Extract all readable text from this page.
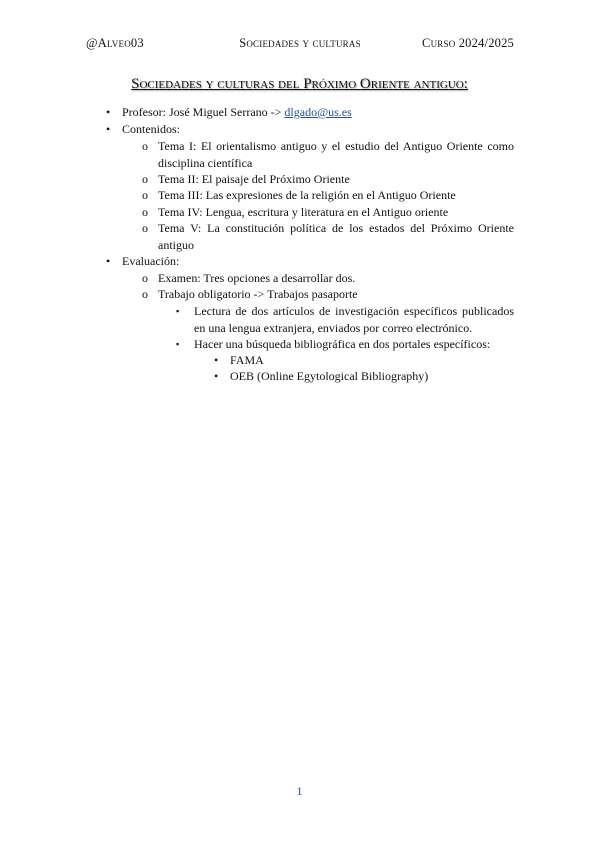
@Alveo03	Sociedades y culturas	Curso 2024/2025
Sociedades y culturas del Próximo Oriente antiguo:
• Profesor: José Miguel Serrano -> dlgado@us.es
• Contenidos:
o Tema I: El orientalismo antiguo y el estudio del Antiguo Oriente como disciplina científica
o Tema II: El paisaje del Próximo Oriente
o Tema III: Las expresiones de la religión en el Antiguo Oriente
o Tema IV: Lengua, escritura y literatura en el Antiguo oriente
o Tema V: La constitución política de los estados del Próximo Oriente antiguo
• Evaluación:
o Examen: Tres opciones a desarrollar dos.
o Trabajo obligatorio -> Trabajos pasaporte
▪ Lectura de dos artículos de investigación específicos publicados en una lengua extranjera, enviados por correo electrónico.
▪ Hacer una búsqueda bibliográfica en dos portales específicos:
• FAMA
• OEB (Online Egytological Bibliography)
1
